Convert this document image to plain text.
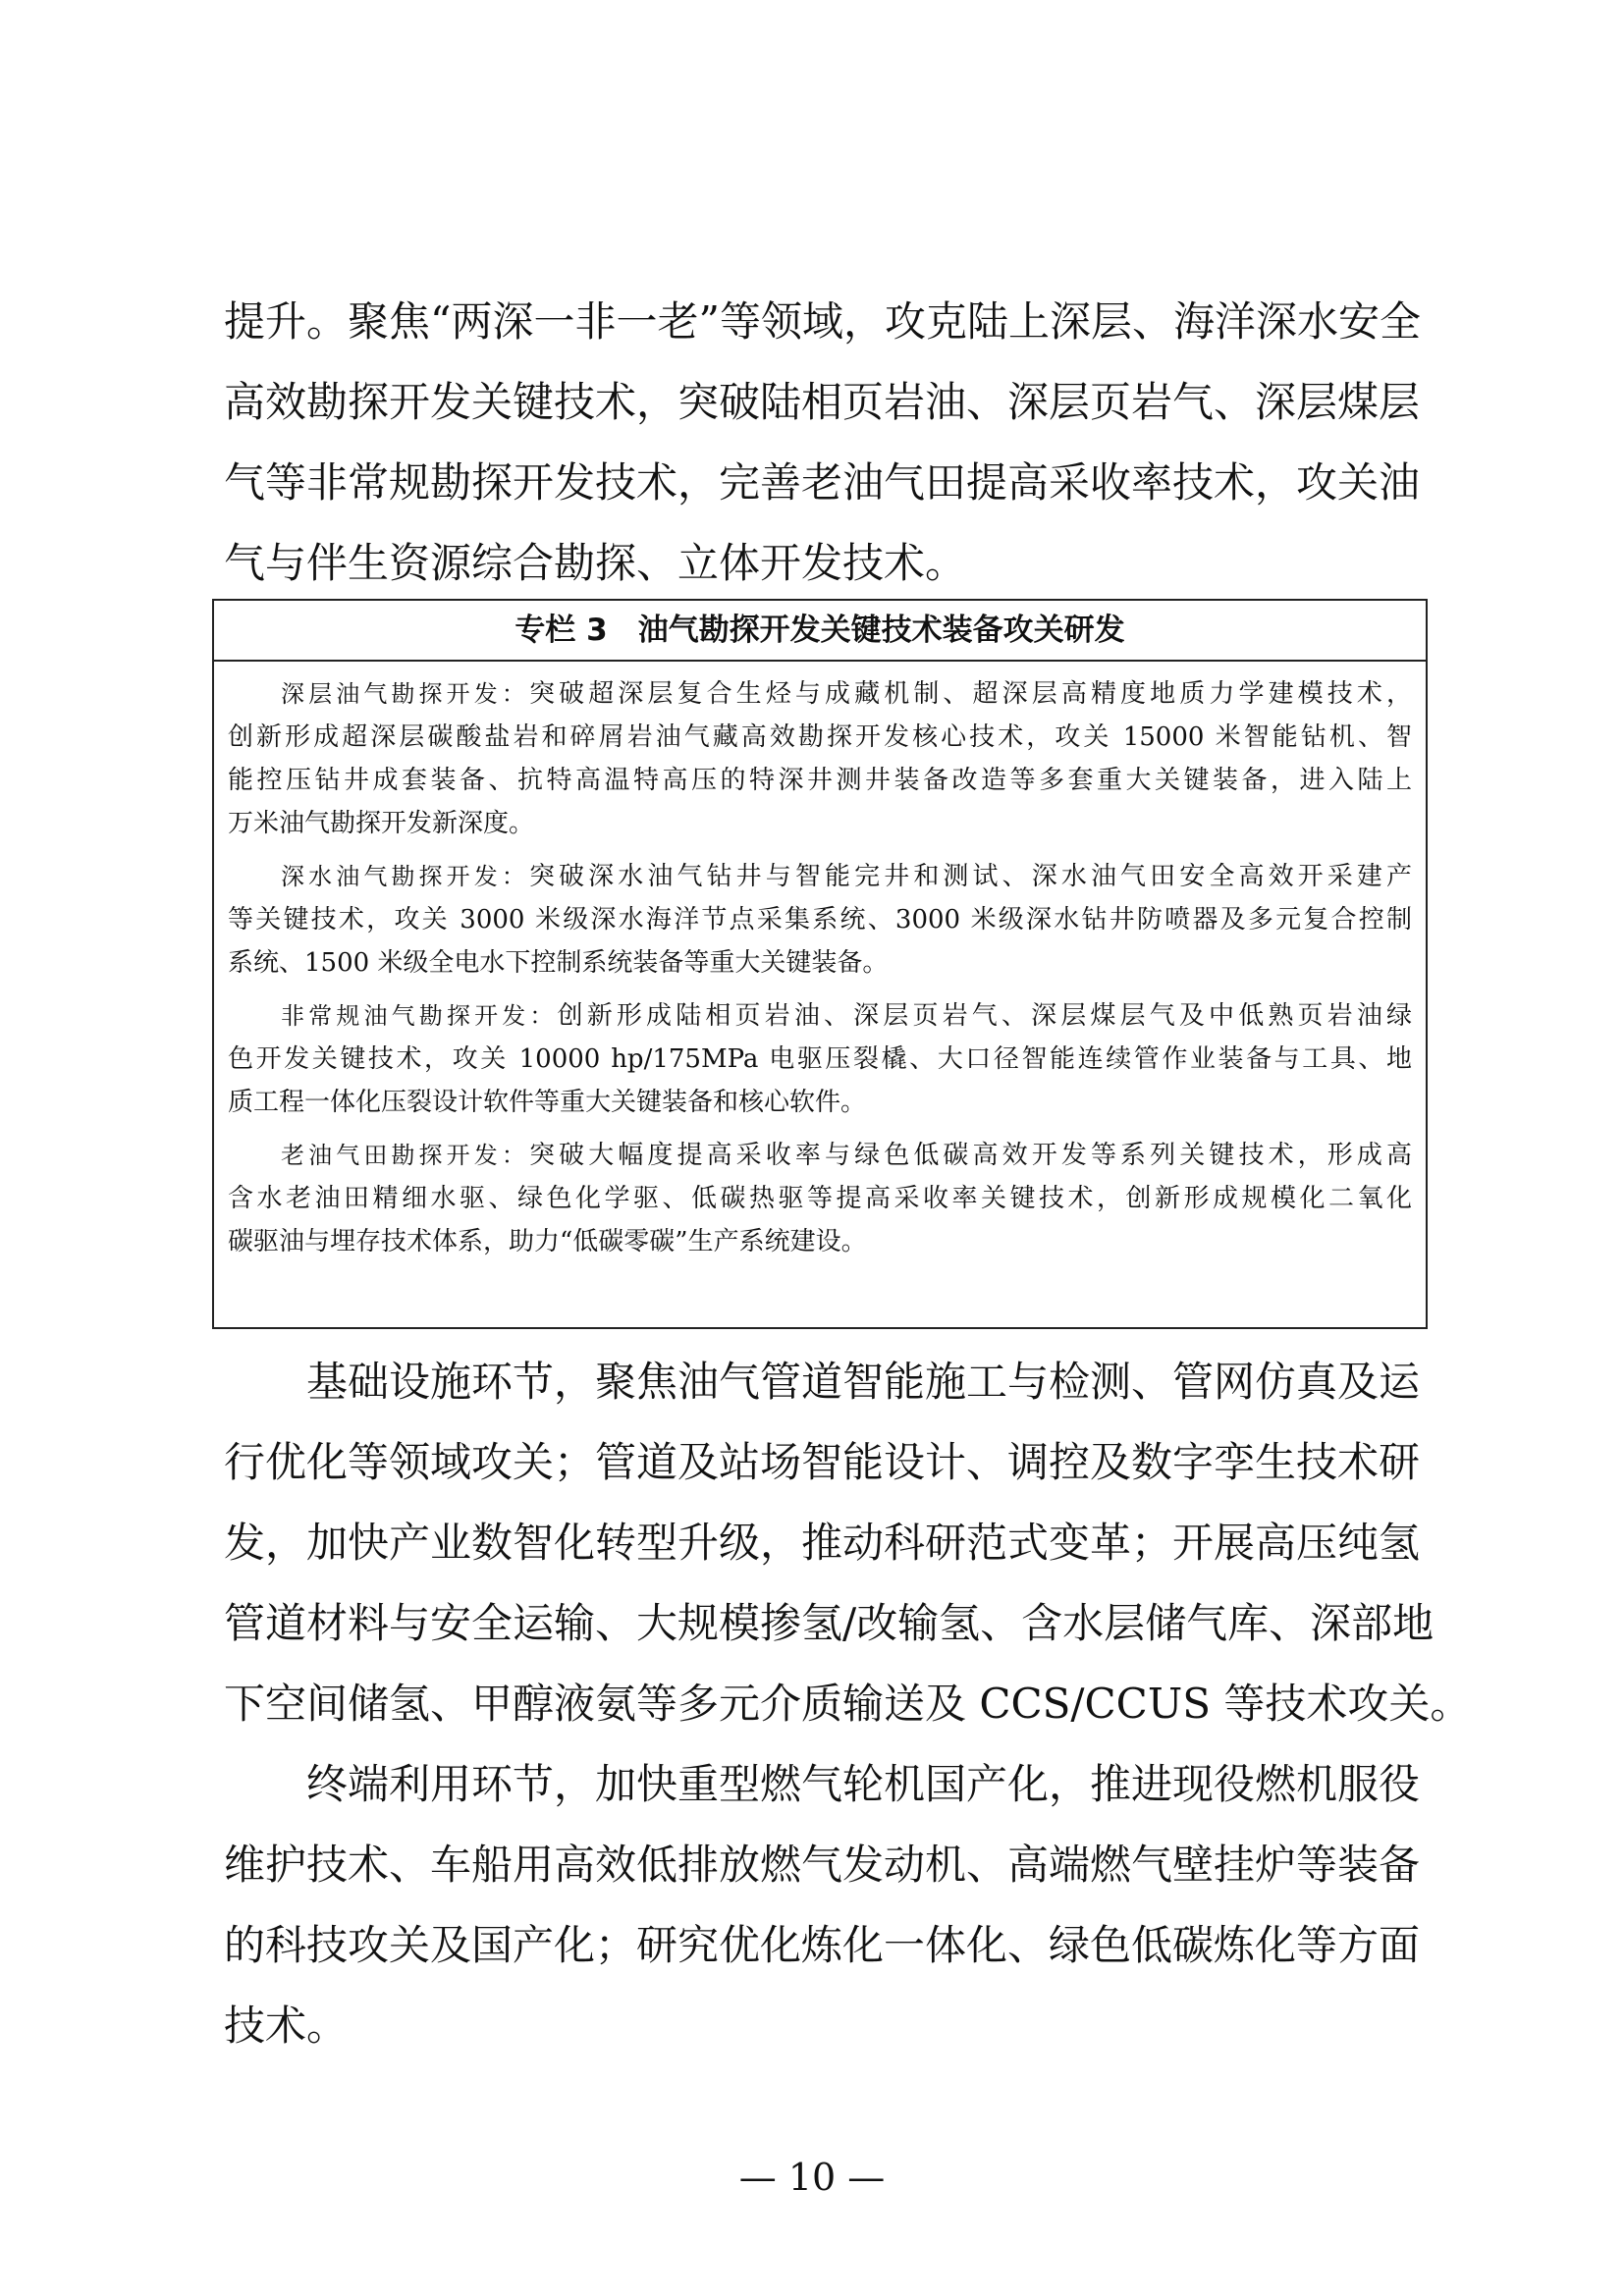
提升。聚焦“两深一非一老”等领域，攻克陆上深层、海洋深水安全
高效勘探开发关键技术，突破陆相页岩油、深层页岩气、深层煤层
气等非常规勘探开发技术，完善老油气田提高采收率技术，攻关油
气与伴生资源综合勘探、立体开发技术。
专栏 3　油气勘探开发关键技术装备攻关研发
深层油气勘探开发：突破超深层复合生烃与成藏机制、超深层高精度地质力学建模技术，
创新形成超深层碳酸盐岩和碎屑岩油气藏高效勘探开发核心技术，攻关 15000 米智能钻机、智
能控压钻井成套装备、抗特高温特高压的特深井测井装备改造等多套重大关键装备，进入陆上
万米油气勘探开发新深度。
深水油气勘探开发：突破深水油气钻井与智能完井和测试、深水油气田安全高效开采建产
等关键技术，攻关 3000 米级深水海洋节点采集系统、3000 米级深水钻井防喷器及多元复合控制
系统、1500 米级全电水下控制系统装备等重大关键装备。
非常规油气勘探开发：创新形成陆相页岩油、深层页岩气、深层煤层气及中低熟页岩油绿
色开发关键技术，攻关 10000 hp/175MPa 电驱压裂橇、大口径智能连续管作业装备与工具、地
质工程一体化压裂设计软件等重大关键装备和核心软件。
老油气田勘探开发：突破大幅度提高采收率与绿色低碳高效开发等系列关键技术，形成高
含水老油田精细水驱、绿色化学驱、低碳热驱等提高采收率关键技术，创新形成规模化二氧化
碳驱油与埋存技术体系，助力“低碳零碳”生产系统建设。
基础设施环节，聚焦油气管道智能施工与检测、管网仿真及运
行优化等领域攻关；管道及站场智能设计、调控及数字孪生技术研
发，加快产业数智化转型升级，推动科研范式变革；开展高压纯氢
管道材料与安全运输、大规模掺氢/改输氢、含水层储气库、深部地
下空间储氢、甲醇液氨等多元介质输送及 CCS/CCUS 等技术攻关。
终端利用环节，加快重型燃气轮机国产化，推进现役燃机服役
维护技术、车船用高效低排放燃气发动机、高端燃气壁挂炉等装备
的科技攻关及国产化；研究优化炼化一体化、绿色低碳炼化等方面
技术。
— 10 —
